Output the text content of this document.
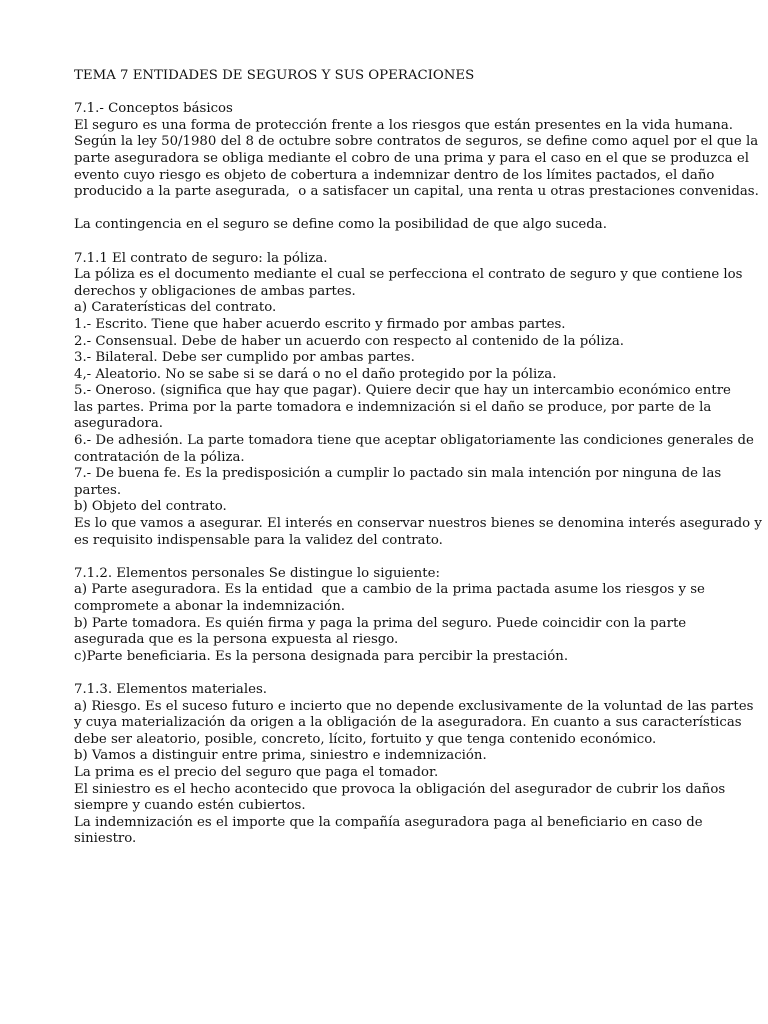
TEMA 7 ENTIDADES DE SEGUROS Y SUS OPERACIONES
7.1.- Conceptos básicos
El seguro es una forma de protección frente a los riesgos que están presentes en la vida humana.
Según la ley 50/1980 del 8 de octubre sobre contratos de seguros, se define como aquel por el que la
parte aseguradora se obliga mediante el cobro de una prima y para el caso en el que se produzca el
evento cuyo riesgo es objeto de cobertura a indemnizar dentro de los límites pactados, el daño
producido a la parte asegurada,  o a satisfacer un capital, una renta u otras prestaciones convenidas.
La contingencia en el seguro se define como la posibilidad de que algo suceda.
7.1.1 El contrato de seguro: la póliza.
La póliza es el documento mediante el cual se perfecciona el contrato de seguro y que contiene los
derechos y obligaciones de ambas partes.
a) Caraterísticas del contrato.
1.- Escrito. Tiene que haber acuerdo escrito y firmado por ambas partes.
2.- Consensual. Debe de haber un acuerdo con respecto al contenido de la póliza.
3.- Bilateral. Debe ser cumplido por ambas partes.
4,- Aleatorio. No se sabe si se dará o no el daño protegido por la póliza.
5.- Oneroso. (significa que hay que pagar). Quiere decir que hay un intercambio económico entre
las partes. Prima por la parte tomadora e indemnización si el daño se produce, por parte de la
aseguradora.
6.- De adhesión. La parte tomadora tiene que aceptar obligatoriamente las condiciones generales de
contratación de la póliza.
7.- De buena fe. Es la predisposición a cumplir lo pactado sin mala intención por ninguna de las
partes.
b) Objeto del contrato.
Es lo que vamos a asegurar. El interés en conservar nuestros bienes se denomina interés asegurado y
es requisito indispensable para la validez del contrato.
7.1.2. Elementos personales Se distingue lo siguiente:
a) Parte aseguradora. Es la entidad  que a cambio de la prima pactada asume los riesgos y se
compromete a abonar la indemnización.
b) Parte tomadora. Es quién firma y paga la prima del seguro. Puede coincidir con la parte
asegurada que es la persona expuesta al riesgo.
c)Parte beneficiaria. Es la persona designada para percibir la prestación.
7.1.3. Elementos materiales.
a) Riesgo. Es el suceso futuro e incierto que no depende exclusivamente de la voluntad de las partes
y cuya materialización da origen a la obligación de la aseguradora. En cuanto a sus características
debe ser aleatorio, posible, concreto, lícito, fortuito y que tenga contenido económico.
b) Vamos a distinguir entre prima, siniestro e indemnización.
La prima es el precio del seguro que paga el tomador.
El siniestro es el hecho acontecido que provoca la obligación del asegurador de cubrir los daños
siempre y cuando estén cubiertos.
La indemnización es el importe que la compañía aseguradora paga al beneficiario en caso de
siniestro.
